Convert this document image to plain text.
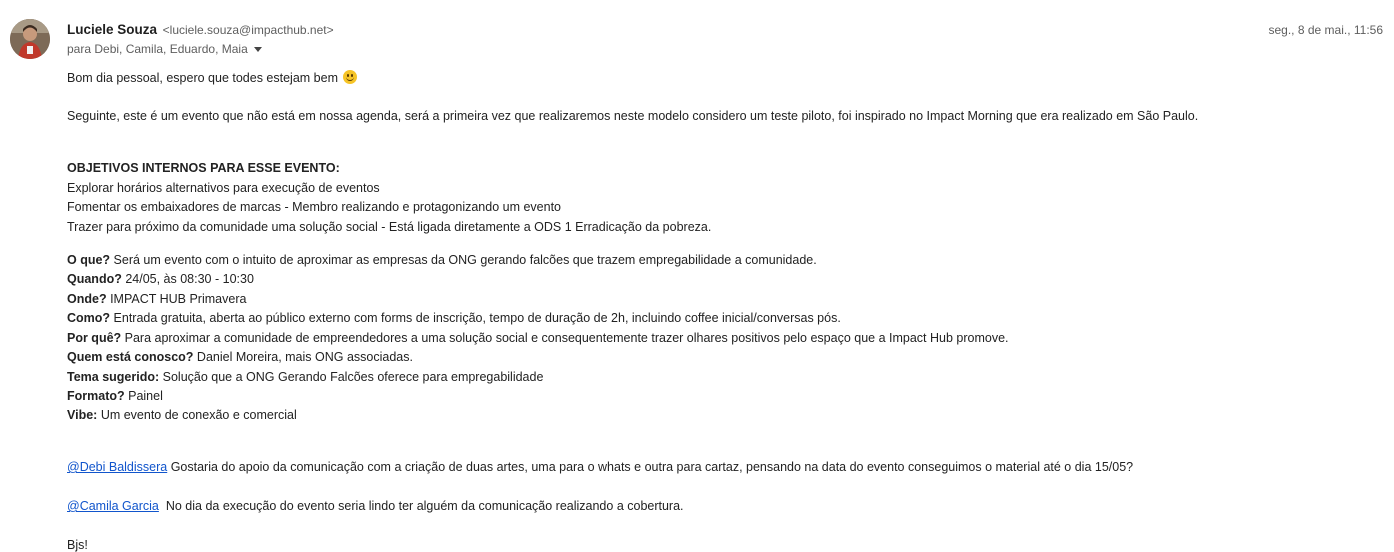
Luciele Souza <luciele.souza@impacthub.net>	seg., 8 de mai., 11:56
para Debi, Camila, Eduardo, Maia
Bom dia pessoal, espero que todes estejam bem
Seguinte, este é um evento que não está em nossa agenda, será a primeira vez que realizaremos neste modelo considero um teste piloto, foi inspirado no Impact Morning que era realizado em São Paulo.
OBJETIVOS INTERNOS PARA ESSE EVENTO:
Explorar horários alternativos para execução de eventos
Fomentar os embaixadores de marcas - Membro realizando e protagonizando um evento
Trazer para próximo da comunidade uma solução social - Está ligada diretamente a ODS 1 Erradicação da pobreza.
O que? Será um evento com o intuito de aproximar as empresas da ONG gerando falcões que trazem empregabilidade a comunidade.
Quando? 24/05, às 08:30 - 10:30
Onde? IMPACT HUB Primavera
Como? Entrada gratuita, aberta ao público externo com forms de inscrição, tempo de duração de 2h, incluindo coffee inicial/conversas pós.
Por quê? Para aproximar a comunidade de empreendedores a uma solução social e consequentemente trazer olhares positivos pelo espaço que a Impact Hub promove.
Quem está conosco? Daniel Moreira, mais ONG associadas.
Tema sugerido: Solução que a ONG Gerando Falcões oferece para empregabilidade
Formato? Painel
Vibe: Um evento de conexão e comercial
@Debi Baldissera Gostaria do apoio da comunicação com a criação de duas artes, uma para o whats e outra para cartaz, pensando na data do evento conseguimos o material até o dia 15/05?
@Camila Garcia  No dia da execução do evento seria lindo ter alguém da comunicação realizando a cobertura.
Bjs!
